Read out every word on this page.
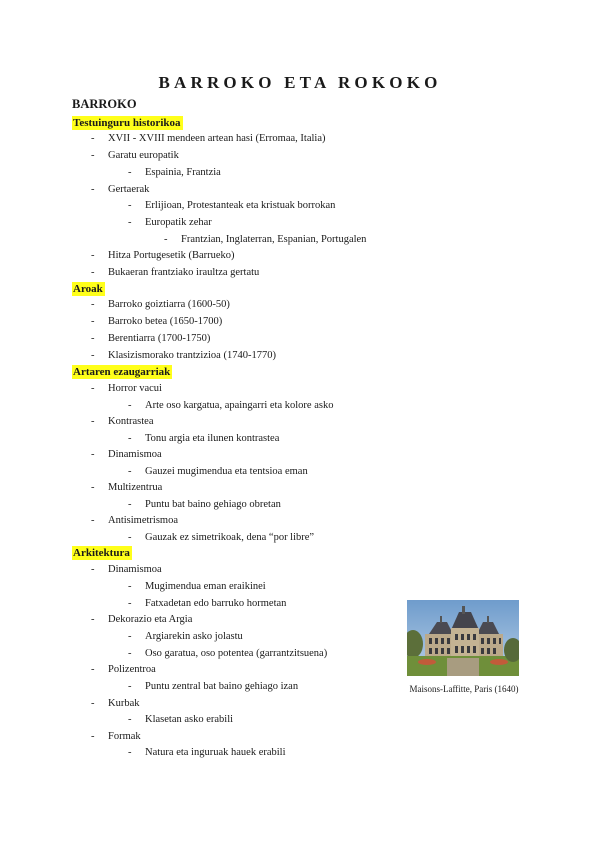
BARROKO ETA ROKOKO
BARROKO
Testuinguru historikoa
- XVII - XVIII mendeen artean hasi (Erromaa, Italia)
- Garatu europatik
- Espainia, Frantzia
- Gertaerak
- Erlijioan, Protestanteak eta kristuak borrokan
- Europatik zehar
- Frantzian, Inglaterran, Espanian, Portugalen
- Hitza Portugesetik (Barrueko)
- Bukaeran frantziako iraultza gertatu
Aroak
- Barroko goiztiarra (1600-50)
- Barroko betea (1650-1700)
- Berentiarra (1700-1750)
- Klasizismorako trantzizioa (1740-1770)
Artaren ezaugarriak
- Horror vacui
- Arte oso kargatua, apaingarri eta kolore asko
- Kontrastea
- Tonu argia eta ilunen kontrastea
- Dinamismoa
- Gauzei mugimendua eta tentsioa eman
- Multizentrua
- Puntu bat baino gehiago obretan
- Antisimetrismoa
- Gauzak ez simetrikoak, dena “por libre”
Arkitektura
- Dinamismoa
- Mugimendua eman eraikinei
- Fatxadetan edo barruko hormetan
- Dekorazio eta Argia
- Argiarekin asko jolastu
- Oso garatua, oso potentea (garrantzitsuena)
- Polizentroa
- Puntu zentral bat baino gehiago izan
- Kurbak
- Klasetan asko erabili
- Formak
- Natura eta inguruak hauek erabili
Maisons-Laffitte, Paris (1640)
